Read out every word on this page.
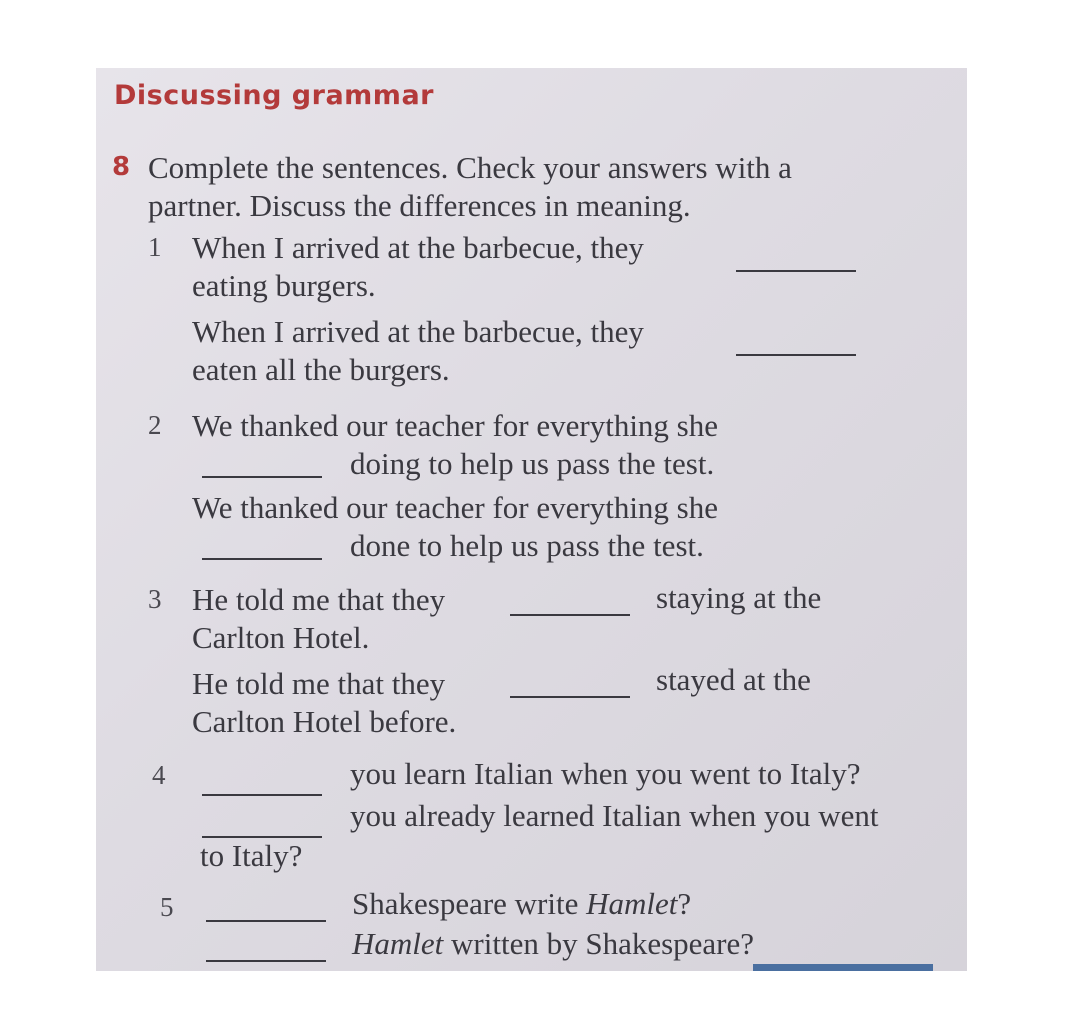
Discussing grammar
8 Complete the sentences. Check your answers with a

partner. Discuss the differences in meaning.

1 When I arrived at the barbecue, they

eating burgers.

When I arrived at the barbecue, they

eaten all the burgers.

2 We thanked our teacher for everything she

doing to help us pass the test.

We thanked our teacher for everything she

done to help us pass the test.

3 He told me that they	staying at the

Carlton Hotel.

He told me that they	stayed at the

Carlton Hotel before.

4	you learn Italian when you went to Italy?

you already learned Italian when you went

to Italy?

5	Shakespeare write Hamlet?

Hamlet written by Shakespeare?
